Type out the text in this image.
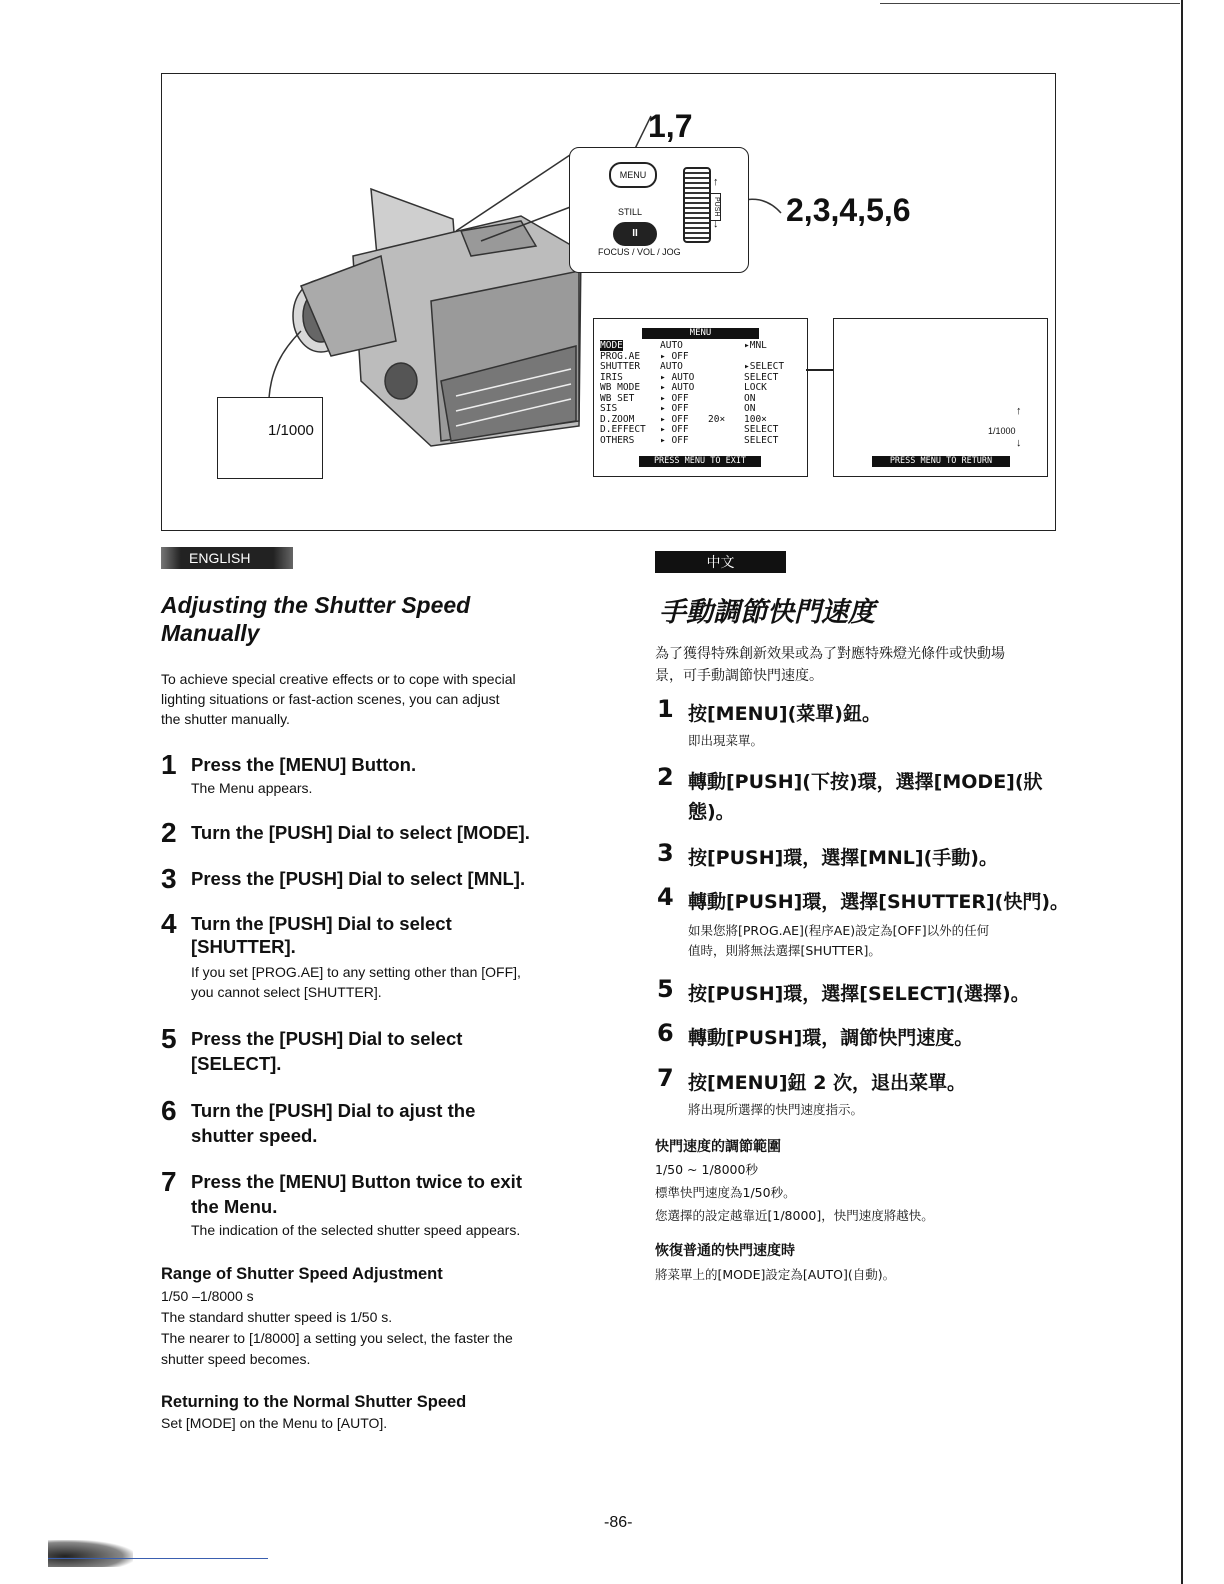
1,7
2,3,4,5,6
MENU
STILL
II
FOCUS / VOL / JOG
PUSH
↑
↓
1/1000
MENU
MODE	AUTO	▸MNL
PROG.AE	▸ OFF
SHUTTER	AUTO	▸SELECT
IRIS	▸ AUTO	SELECT
WB MODE	▸ AUTO	LOCK
WB SET	▸ OFF	ON
SIS	▸ OFF	ON
D.ZOOM	▸ OFF	20×	100×
D.EFFECT	▸ OFF	SELECT
OTHERS	▸ OFF	SELECT
PRESS MENU TO EXIT
↑
1/1000
↓
PRESS MENU TO RETURN
ENGLISH
Adjusting the Shutter Speed
Manually
To achieve special creative effects or to cope with special
lighting situations or fast-action scenes, you can adjust
the shutter manually.
1 Press the [MENU] Button.
The Menu appears.
2 Turn the [PUSH] Dial to select [MODE].
3 Press the [PUSH] Dial to select [MNL].
4 Turn the [PUSH] Dial to select
[SHUTTER].
If you set [PROG.AE] to any setting other than [OFF],
you cannot select [SHUTTER].
5 Press the [PUSH] Dial to select
[SELECT].
6 Turn the [PUSH] Dial to ajust the
shutter speed.
7 Press the [MENU] Button twice to exit
the Menu.
The indication of the selected shutter speed appears.
Range of Shutter Speed Adjustment
1/50 –1/8000 s
The standard shutter speed is 1/50 s.
The nearer to [1/8000] a setting you select, the faster the
shutter speed becomes.
Returning to the Normal Shutter Speed
Set [MODE] on the Menu to [AUTO].
中文
手動調節快門速度
為了獲得特殊創新效果或為了對應特殊燈光條件或快動場
景，可手動調節快門速度。
1 按[MENU](菜單)鈕。
即出現菜單。
2 轉動[PUSH](下按)環，選擇[MODE](狀
態)。
3 按[PUSH]環，選擇[MNL](手動)。
4 轉動[PUSH]環，選擇[SHUTTER](快門)。
如果您將[PROG.AE](程序AE)設定為[OFF]以外的任何
值時，則將無法選擇[SHUTTER]。
5 按[PUSH]環，選擇[SELECT](選擇)。
6 轉動[PUSH]環，調節快門速度。
7 按[MENU]鈕 2 次，退出菜單。
將出現所選擇的快門速度指示。
快門速度的調節範圍
1/50 ~ 1/8000秒
標準快門速度為1/50秒。
您選擇的設定越靠近[1/8000]，快門速度將越快。
恢復普通的快門速度時
將菜單上的[MODE]設定為[AUTO](自動)。
-86-
